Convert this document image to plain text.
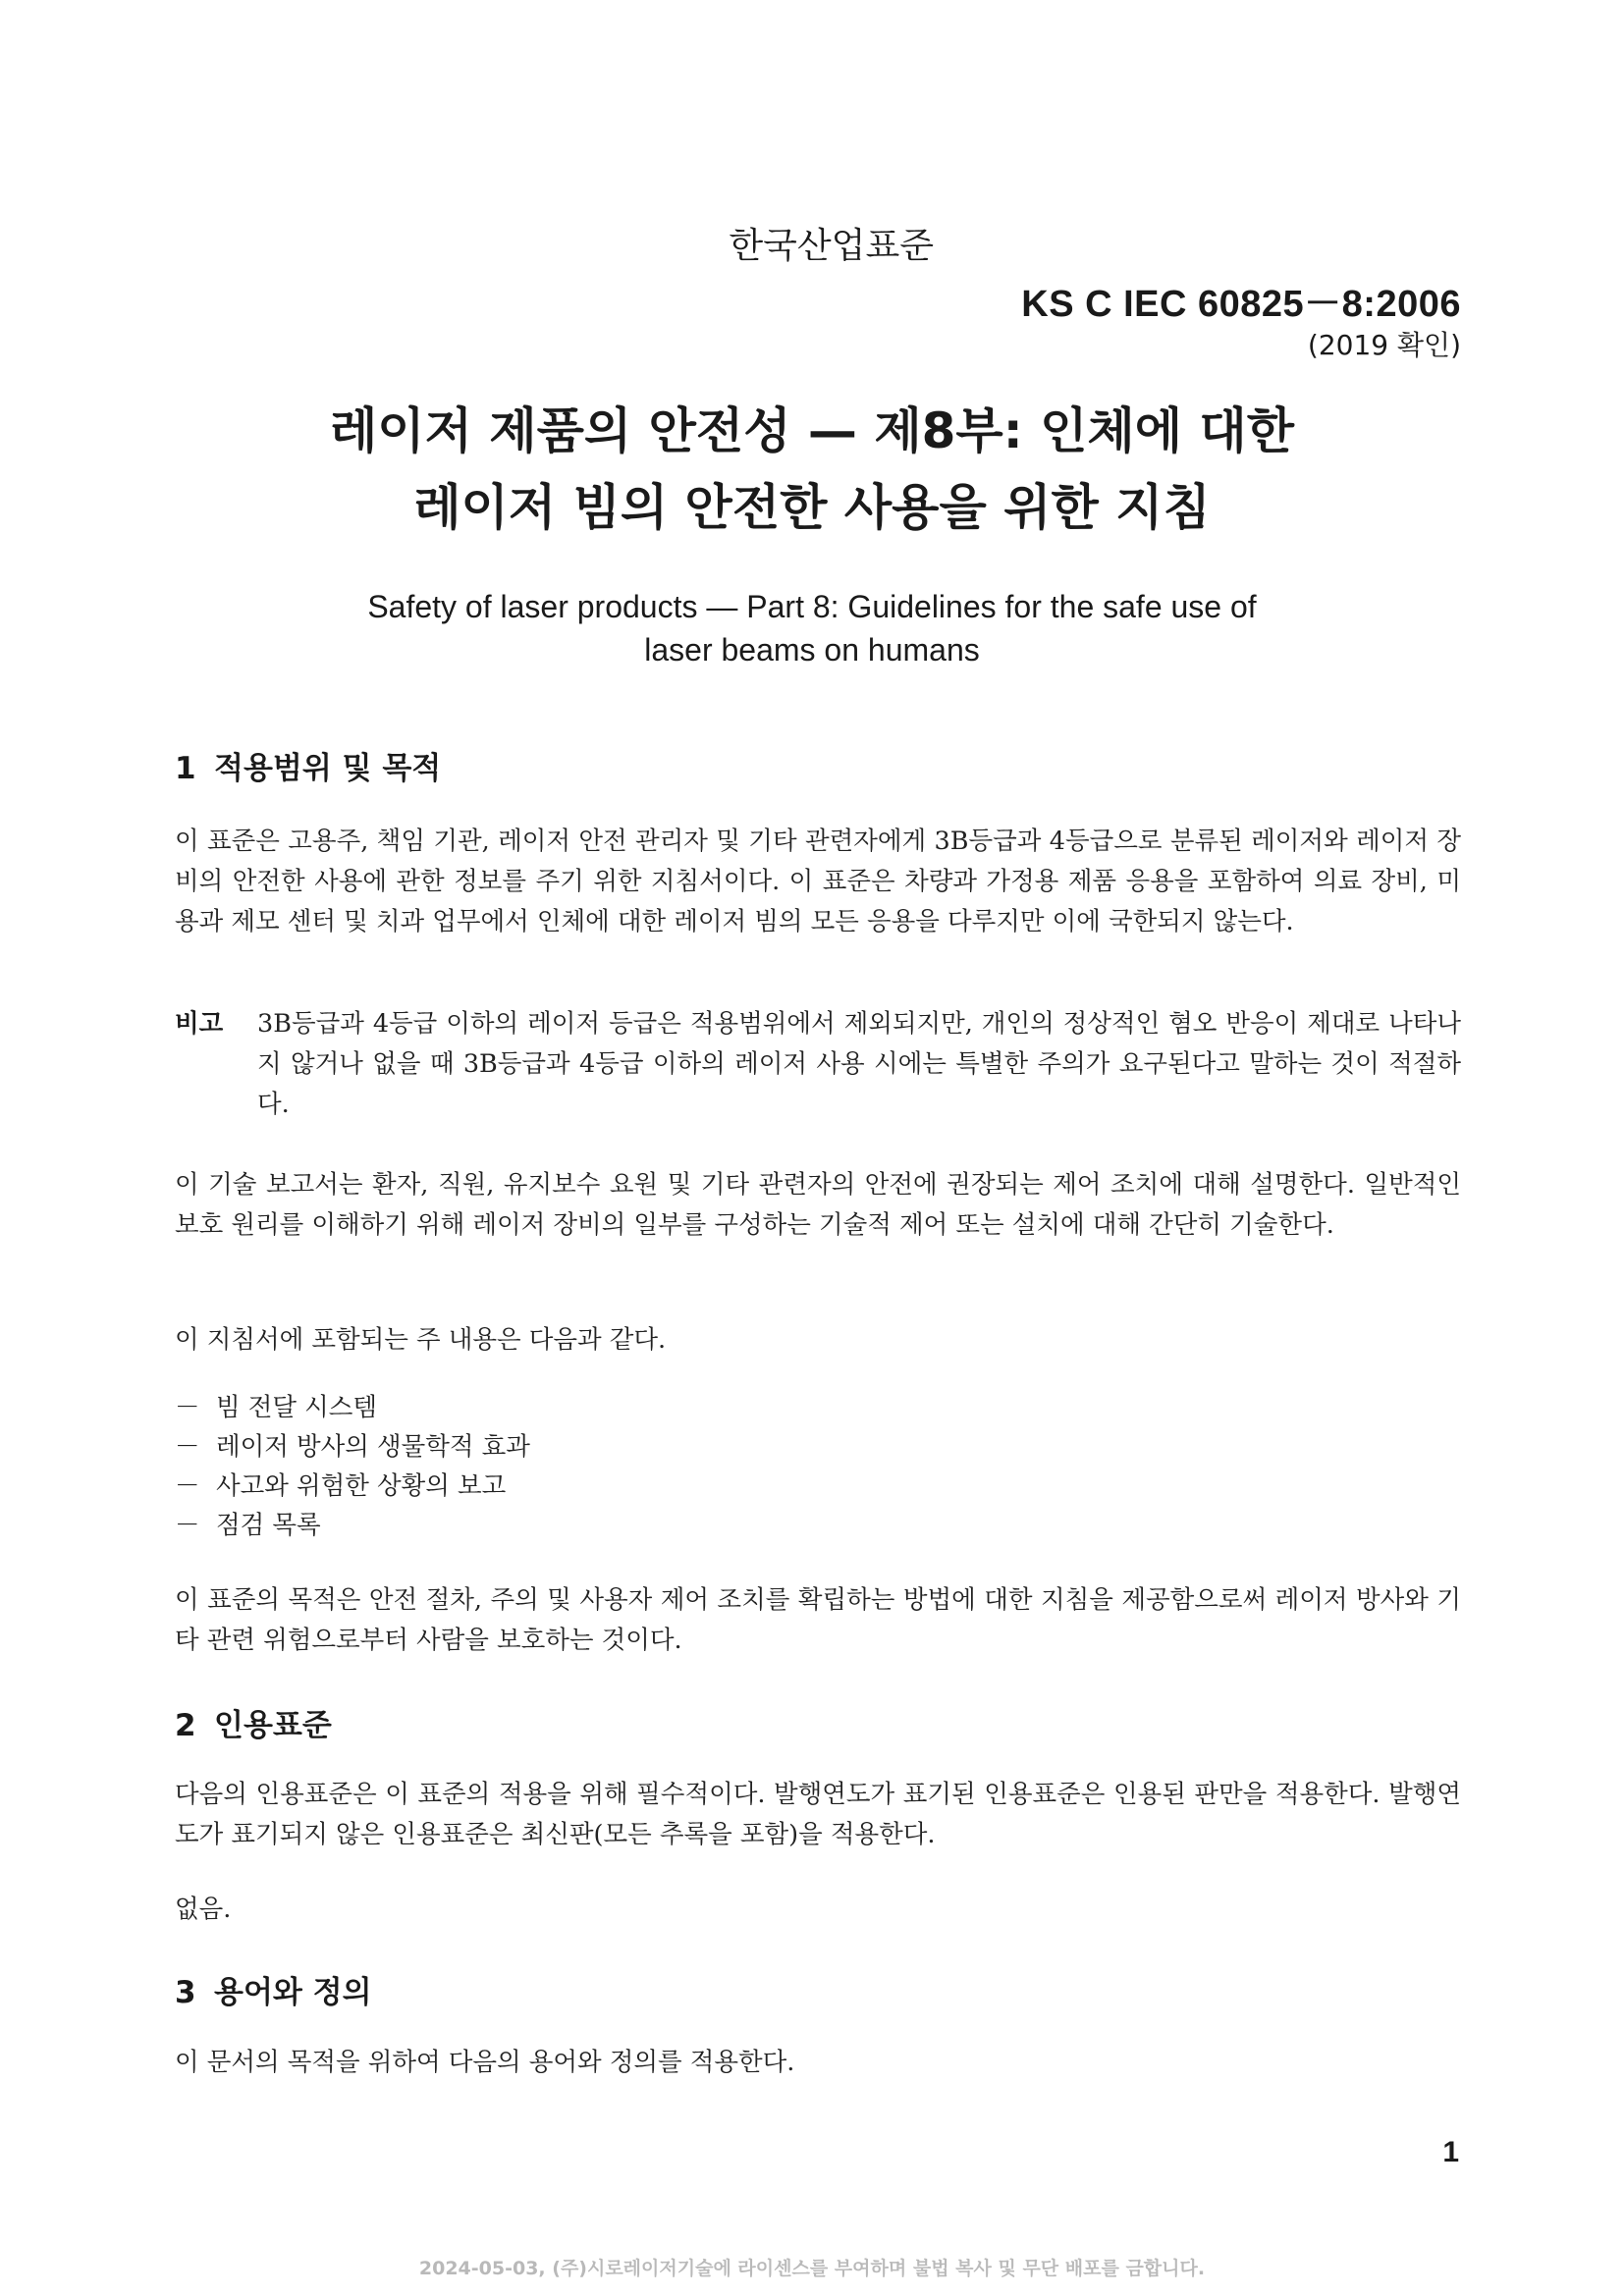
한국산업표준
KS C IEC 60825－8:2006
(2019 확인)
레이저 제품의 안전성 — 제8부: 인체에 대한
레이저 빔의 안전한 사용을 위한 지침
Safety of laser products — Part 8: Guidelines for the safe use of
laser beams on humans
1 적용범위 및 목적
이 표준은 고용주, 책임 기관, 레이저 안전 관리자 및 기타 관련자에게 3B등급과 4등급으로 분류된 레이저와 레이저 장비의 안전한 사용에 관한 정보를 주기 위한 지침서이다. 이 표준은 차량과 가정용 제품 응용을 포함하여 의료 장비, 미용과 제모 센터 및 치과 업무에서 인체에 대한 레이저 빔의 모든 응용을 다루지만 이에 국한되지 않는다.
비고 3B등급과 4등급 이하의 레이저 등급은 적용범위에서 제외되지만, 개인의 정상적인 혐오 반응이 제대로 나타나지 않거나 없을 때 3B등급과 4등급 이하의 레이저 사용 시에는 특별한 주의가 요구된다고 말하는 것이 적절하다.
이 기술 보고서는 환자, 직원, 유지보수 요원 및 기타 관련자의 안전에 권장되는 제어 조치에 대해 설명한다. 일반적인 보호 원리를 이해하기 위해 레이저 장비의 일부를 구성하는 기술적 제어 또는 설치에 대해 간단히 기술한다.
이 지침서에 포함되는 주 내용은 다음과 같다.
－ 빔 전달 시스템
－ 레이저 방사의 생물학적 효과
－ 사고와 위험한 상황의 보고
－ 점검 목록
이 표준의 목적은 안전 절차, 주의 및 사용자 제어 조치를 확립하는 방법에 대한 지침을 제공함으로써 레이저 방사와 기타 관련 위험으로부터 사람을 보호하는 것이다.
2 인용표준
다음의 인용표준은 이 표준의 적용을 위해 필수적이다. 발행연도가 표기된 인용표준은 인용된 판만을 적용한다. 발행연도가 표기되지 않은 인용표준은 최신판(모든 추록을 포함)을 적용한다.
없음.
3 용어와 정의
이 문서의 목적을 위하여 다음의 용어와 정의를 적용한다.
1
2024-05-03, (주)시로레이저기술에 라이센스를 부여하며 불법 복사 및 무단 배포를 금합니다.
